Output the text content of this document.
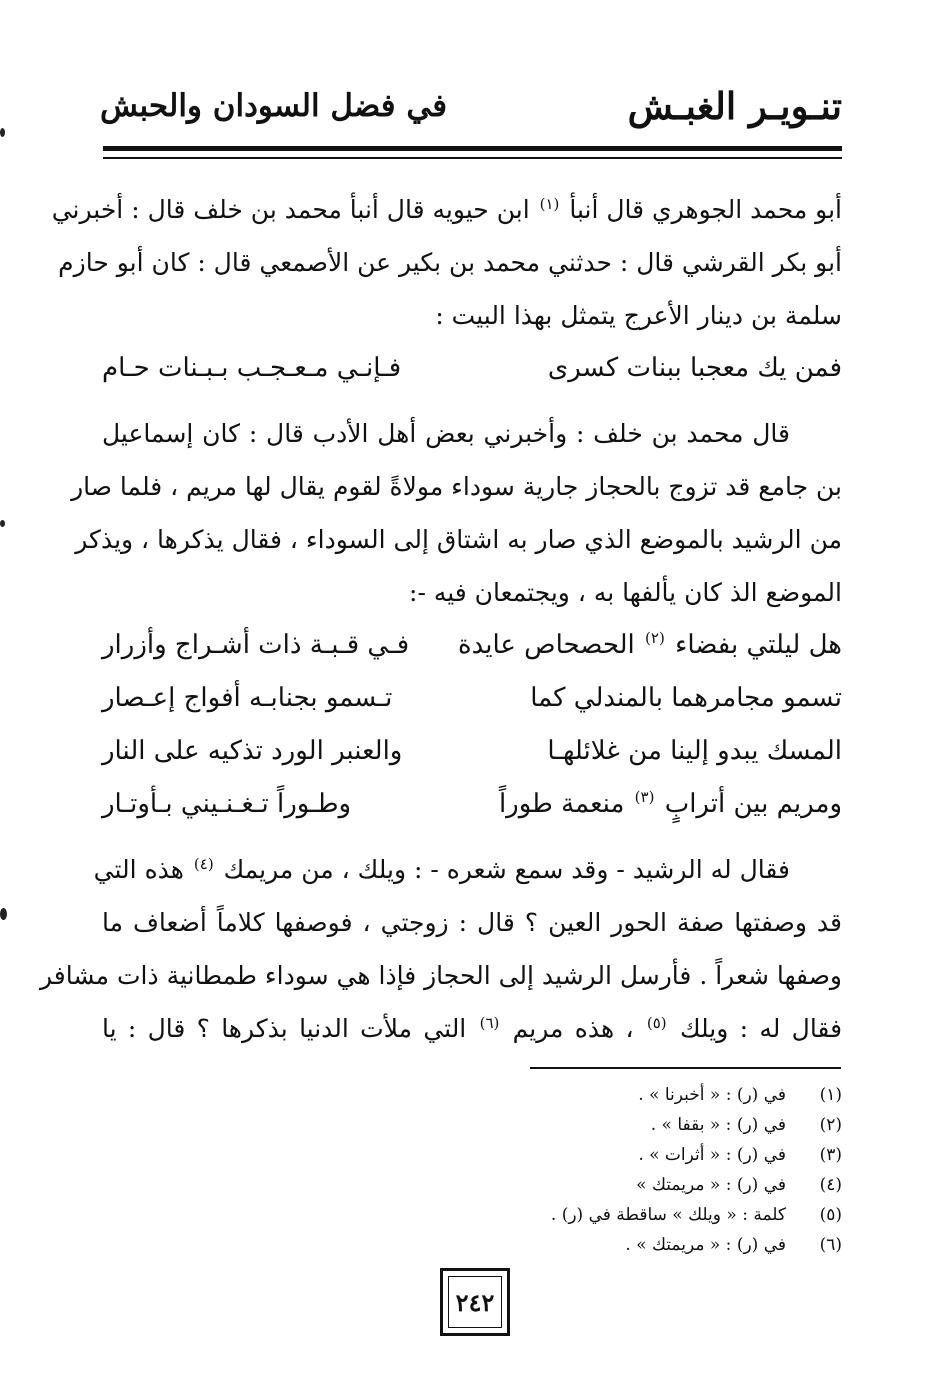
تنـويـر الغبـش
في فضل السودان والحبش
أبو محمد الجوهري قال أنبأ $^{(١)}$ ابن حيويه قال أنبأ محمد بن خلف قال : أخبرني
أبو بكر القرشي قال : حدثني محمد بن بكير عن الأصمعي قال : كان أبو حازم
سلمة بن دينار الأعرج يتمثل بهذا البيت :
فمن يك معجبا ببنات كسرى
فـإنـي مـعـجـب بـبـنات حـام
قال محمد بن خلف : وأخبرني بعض أهل الأدب قال : كان إسماعيل
بن جامع قد تزوج بالحجاز جارية سوداء مولاةً لقوم يقال لها مريم ، فلما صار
من الرشيد بالموضع الذي صار به اشتاق إلى السوداء ، فقال يذكرها ، ويذكر
الموضع الذ كان يألفها به ، ويجتمعان فيه -:
هل ليلتي بفضاء $^{(٢)}$ الحصحاص عايدة
فـي قـبـة ذات أشـراج وأزرار
تسمو مجامرهما بالمندلي كما
تـسمو بجنابـه أفواج إعـصار
المسك يبدو إلينا من غلائلهـا
والعنبر الورد تذكيه على النار
ومريم بين أترابٍ $^{(٣)}$ منعمة طوراً
وطـوراً تـغـنـيني بـأوتـار
فقال له الرشيد - وقد سمع شعره - : ويلك ، من مريمك $^{(٤)}$ هذه التي
قد وصفتها صفة الحور العين ؟ قال : زوجتي ، فوصفها كلاماً أضعاف ما
وصفها شعراً . فأرسل الرشيد إلى الحجاز فإذا هي سوداء طمطانية ذات مشافر
فقال له : ويلك $^{(٥)}$ ، هذه مريم $^{(٦)}$ التي ملأت الدنيا بذكرها ؟ قال : يا
(١)في (ر) : « أخبرنا » .
(٢)في (ر) : « بقفا » .
(٣)في (ر) : « أثرات » .
(٤)في (ر) : « مريمتك »
(٥)كلمة : « ويلك » ساقطة في (ر) .
(٦)في (ر) : « مريمتك » .
٢٤٢
